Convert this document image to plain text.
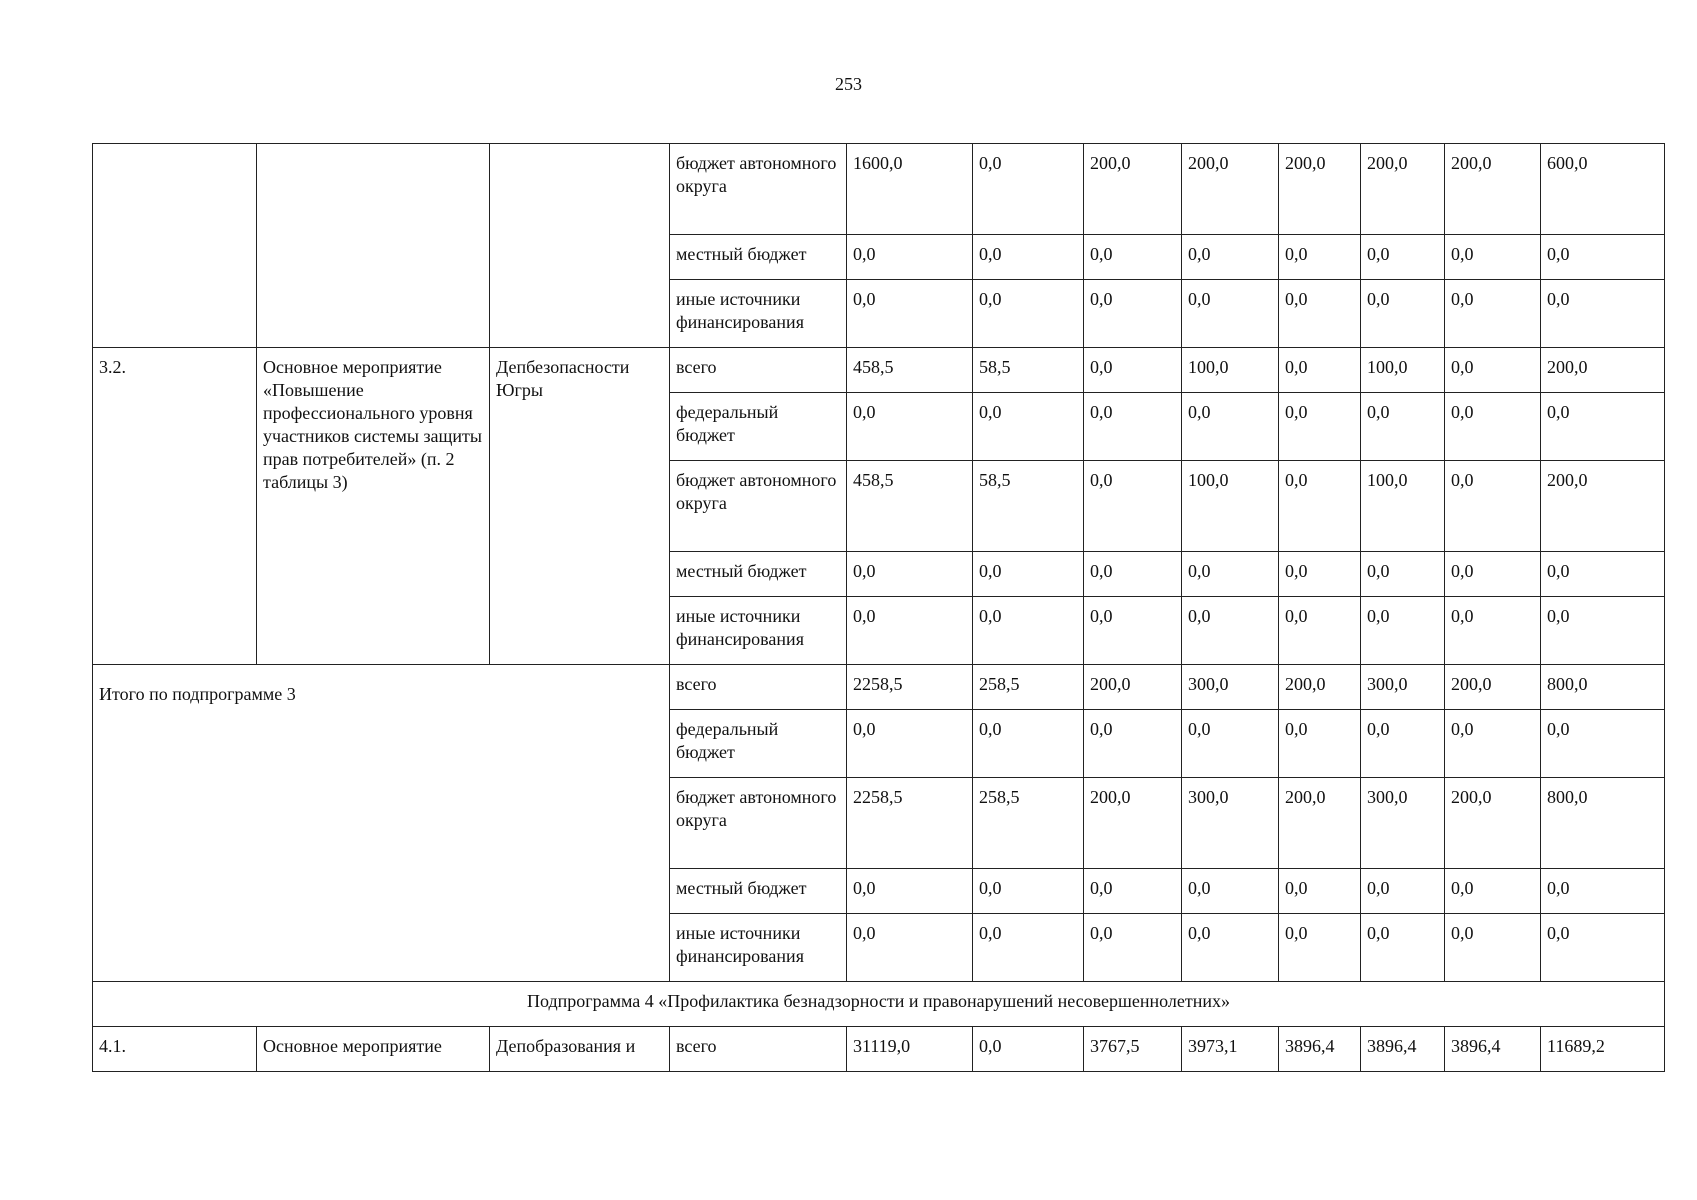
253
			бюджет автономного округа	1600,0	0,0	200,0	200,0	200,0	200,0	200,0	600,0
			местный бюджет	0,0	0,0	0,0	0,0	0,0	0,0	0,0	0,0
			иные источники финансирования	0,0	0,0	0,0	0,0	0,0	0,0	0,0	0,0
3.2.	Основное мероприятие «Повышение профессионального уровня участников системы защиты прав потребителей» (п. 2 таблицы 3)	Депбезопасности Югры	всего	458,5	58,5	0,0	100,0	0,0	100,0	0,0	200,0
			федеральный бюджет	0,0	0,0	0,0	0,0	0,0	0,0	0,0	0,0
			бюджет автономного округа	458,5	58,5	0,0	100,0	0,0	100,0	0,0	200,0
			местный бюджет	0,0	0,0	0,0	0,0	0,0	0,0	0,0	0,0
			иные источники финансирования	0,0	0,0	0,0	0,0	0,0	0,0	0,0	0,0
Итого по подпрограмме 3			всего	2258,5	258,5	200,0	300,0	200,0	300,0	200,0	800,0
			федеральный бюджет	0,0	0,0	0,0	0,0	0,0	0,0	0,0	0,0
			бюджет автономного округа	2258,5	258,5	200,0	300,0	200,0	300,0	200,0	800,0
			местный бюджет	0,0	0,0	0,0	0,0	0,0	0,0	0,0	0,0
			иные источники финансирования	0,0	0,0	0,0	0,0	0,0	0,0	0,0	0,0
Подпрограмма 4 «Профилактика безнадзорности и правонарушений несовершеннолетних»											
4.1.	Основное мероприятие	Депобразования и	всего	31119,0	0,0	3767,5	3973,1	3896,4	3896,4	3896,4	11689,2
